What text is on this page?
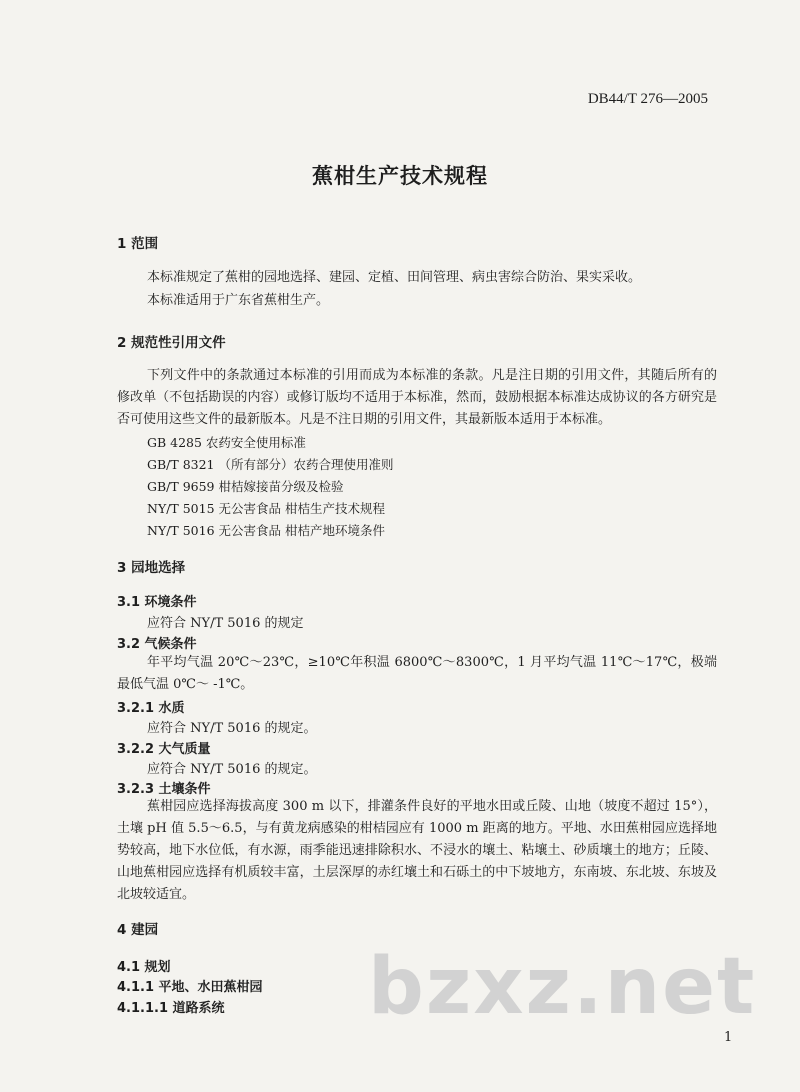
DB44/T 276—2005
蕉柑生产技术规程
1 范围
本标准规定了蕉柑的园地选择、建园、定植、田间管理、病虫害综合防治、果实采收。
本标准适用于广东省蕉柑生产。
2 规范性引用文件
下列文件中的条款通过本标准的引用而成为本标准的条款。凡是注日期的引用文件，其随后所有的修改单（不包括勘误的内容）或修订版均不适用于本标准，然而，鼓励根据本标准达成协议的各方研究是否可使用这些文件的最新版本。凡是不注日期的引用文件，其最新版本适用于本标准。
GB 4285 农药安全使用标准
GB/T 8321 （所有部分）农药合理使用准则
GB/T 9659 柑桔嫁接苗分级及检验
NY/T 5015 无公害食品 柑桔生产技术规程
NY/T 5016 无公害食品 柑桔产地环境条件
3 园地选择
3.1 环境条件
应符合 NY/T 5016 的规定
3.2 气候条件
年平均气温 20℃～23℃，≥10℃年积温 6800℃～8300℃，1 月平均气温 11℃～17℃，极端最低气温 0℃～ -1℃。
3.2.1 水质
应符合 NY/T 5016 的规定。
3.2.2 大气质量
应符合 NY/T 5016 的规定。
3.2.3 土壤条件
蕉柑园应选择海拔高度 300 m 以下，排灌条件良好的平地水田或丘陵、山地（坡度不超过 15°），土壤 pH 值 5.5～6.5，与有黄龙病感染的柑桔园应有 1000 m 距离的地方。平地、水田蕉柑园应选择地势较高，地下水位低，有水源，雨季能迅速排除积水、不浸水的壤土、粘壤土、砂质壤土的地方；丘陵、山地蕉柑园应选择有机质较丰富，土层深厚的赤红壤土和石砾土的中下坡地方，东南坡、东北坡、东坡及北坡较适宜。
4 建园
4.1 规划
4.1.1 平地、水田蕉柑园
4.1.1.1 道路系统 bzxz.net
1
